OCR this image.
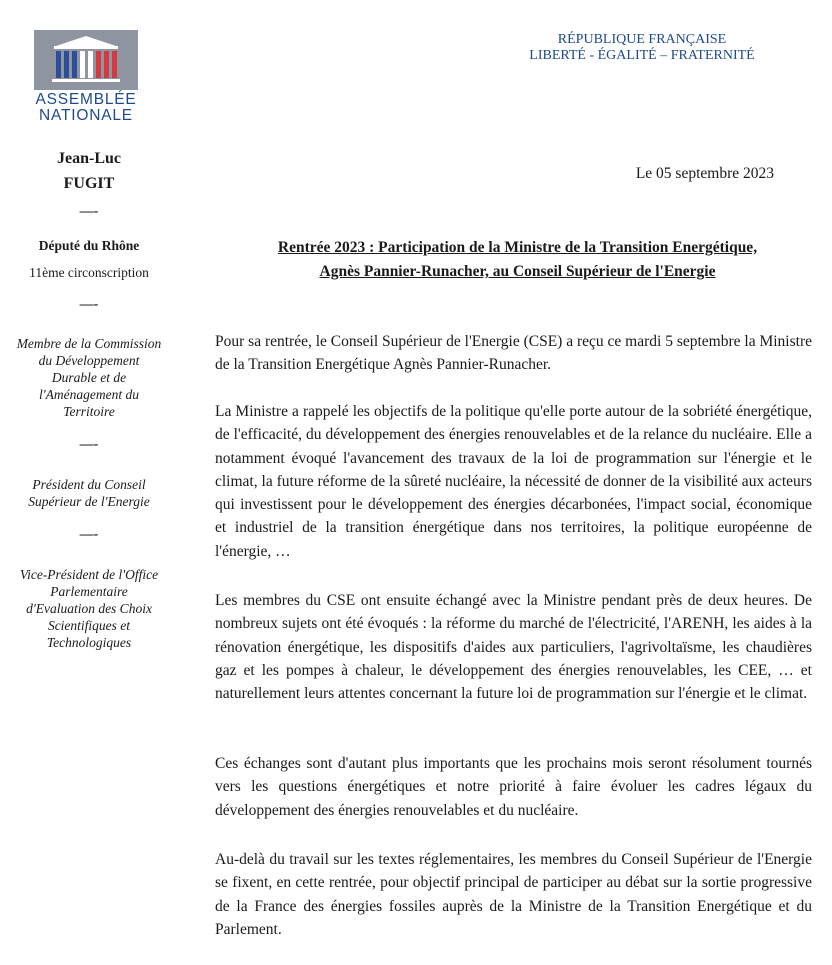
ASSEMBLÉE
NATIONALE
Jean-Luc
FUGIT
—-
Député du Rhône
11ème circonscription
—-
Membre de la Commission
du Développement
Durable et de
l'Aménagement du
Territoire
—-
Président du Conseil
Supérieur de l'Energie
—-
Vice-Président de l'Office
Parlementaire
d'Evaluation des Choix
Scientifiques et
Technologiques
RÉPUBLIQUE FRANÇAISE
LIBERTÉ - ÉGALITÉ – FRATERNITÉ
Le 05 septembre 2023
Rentrée 2023 : Participation de la Ministre de la Transition Energétique,
Agnès Pannier-Runacher, au Conseil Supérieur de l'Energie

Pour sa rentrée, le Conseil Supérieur de l'Energie (CSE) a reçu ce mardi 5 septembre la Ministre de la Transition Energétique Agnès Pannier-Runacher.

La Ministre a rappelé les objectifs de la politique qu'elle porte autour de la sobriété énergétique, de l'efficacité, du développement des énergies renouvelables et de la relance du nucléaire. Elle a notamment évoqué l'avancement des travaux de la loi de programmation sur l'énergie et le climat, la future réforme de la sûreté nucléaire, la nécessité de donner de la visibilité aux acteurs qui investissent pour le développement des énergies décarbonées, l'impact social, économique et industriel de la transition énergétique dans nos territoires, la politique européenne de l'énergie, …

Les membres du CSE ont ensuite échangé avec la Ministre pendant près de deux heures. De nombreux sujets ont été évoqués : la réforme du marché de l'électricité, l'ARENH, les aides à la rénovation énergétique, les dispositifs d'aides aux particuliers, l'agrivoltaïsme, les chaudières gaz et les pompes à chaleur, le développement des énergies renouvelables, les CEE, … et naturellement leurs attentes concernant la future loi de programmation sur l'énergie et le climat.

Ces échanges sont d'autant plus importants que les prochains mois seront résolument tournés vers les questions énergétiques et notre priorité à faire évoluer les cadres légaux du développement des énergies renouvelables et du nucléaire.

Au-delà du travail sur les textes réglementaires, les membres du Conseil Supérieur de l'Energie se fixent, en cette rentrée, pour objectif principal de participer au débat sur la sortie progressive de la France des énergies fossiles auprès de la Ministre de la Transition Energétique et du Parlement.
